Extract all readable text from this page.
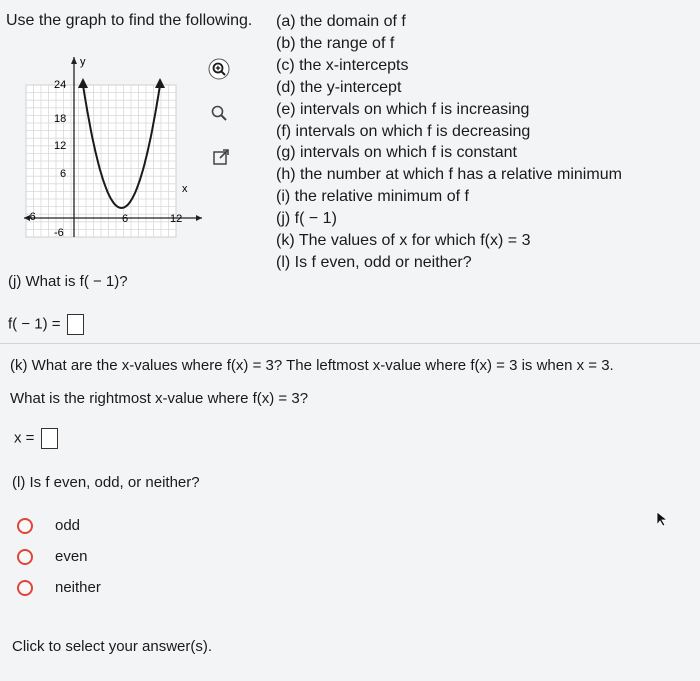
Use the graph to find the following. (a) the domain of f
(b) the range of f
(c) the x-intercepts
(d) the y-intercept
(e) intervals on which f is increasing
(f) intervals on which f is decreasing
(g) intervals on which f is constant
(h) the number at which f has a relative minimum
(i) the relative minimum of f
(j) f( − 1)
(k) The values of x for which f(x) = 3
(l) Is f even, odd or neither?
y
x
24
18
12
6
-6
-6	6	12
(j) What is f( − 1)?
f( − 1) =
(k) What are the x-values where f(x) = 3? The leftmost x-value where f(x) = 3 is when x = 3.
What is the rightmost x-value where f(x) = 3?
x =
(l) Is f even, odd, or neither?
odd
even
neither
Click to select your answer(s).
